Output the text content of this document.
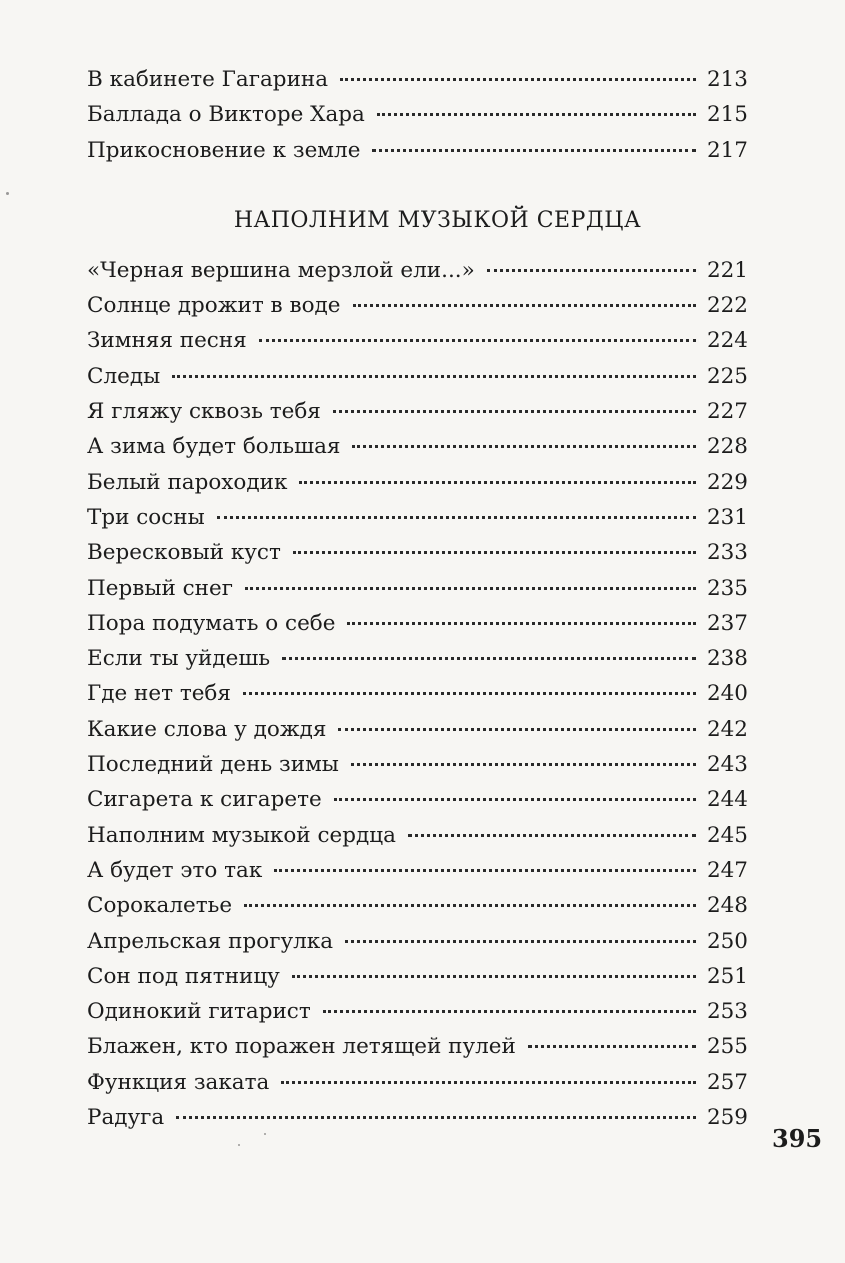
В кабинете Гагарина	213
Баллада о Викторе Хара	215
Прикосновение к земле	217
НАПОЛНИМ МУЗЫКОЙ СЕРДЦА
«Черная вершина мерзлой ели...»	221
Солнце дрожит в воде	222
Зимняя песня	224
Следы	225
Я гляжу сквозь тебя	227
А зима будет большая	228
Белый пароходик	229
Три сосны	231
Вересковый куст	233
Первый снег	235
Пора подумать о себе	237
Если ты уйдешь	238
Где нет тебя	240
Какие слова у дождя	242
Последний день зимы	243
Сигарета к сигарете	244
Наполним музыкой сердца	245
А будет это так	247
Сорокалетье	248
Апрельская прогулка	250
Сон под пятницу	251
Одинокий гитарист	253
Блажен, кто поражен летящей пулей	255
Функция заката	257
Радуга	259
395
